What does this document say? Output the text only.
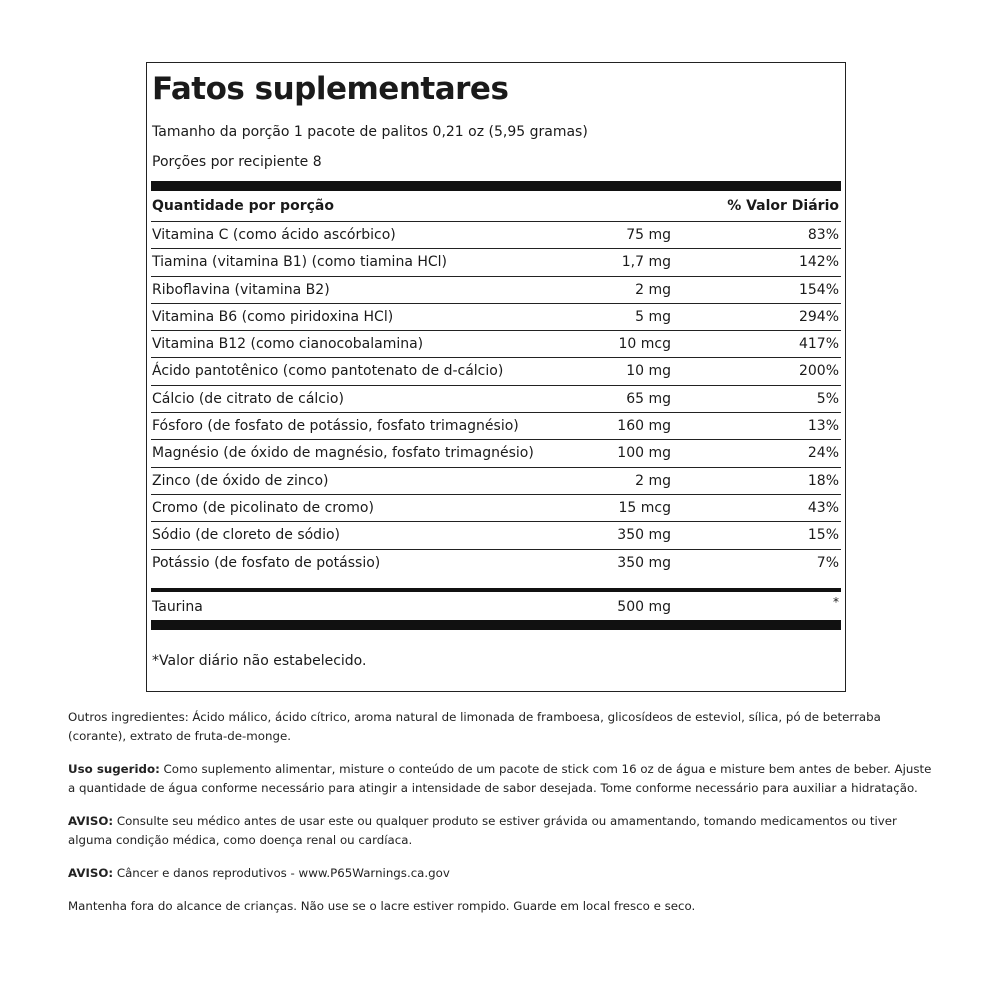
Fatos suplementares
Tamanho da porção 1 pacote de palitos 0,21 oz (5,95 gramas)
Porções por recipiente 8
Quantidade por porção	% Valor Diário
Vitamina C (como ácido ascórbico)	75 mg	83%
Tiamina (vitamina B1) (como tiamina HCl)	1,7 mg	142%
Riboflavina (vitamina B2)	2 mg	154%
Vitamina B6 (como piridoxina HCl)	5 mg	294%
Vitamina B12 (como cianocobalamina)	10 mcg	417%
Ácido pantotênico (como pantotenato de d-cálcio)	10 mg	200%
Cálcio (de citrato de cálcio)	65 mg	5%
Fósforo (de fosfato de potássio, fosfato trimagnésio)	160 mg	13%
Magnésio (de óxido de magnésio, fosfato trimagnésio)	100 mg	24%
Zinco (de óxido de zinco)	2 mg	18%
Cromo (de picolinato de cromo)	15 mcg	43%
Sódio (de cloreto de sódio)	350 mg	15%
Potássio (de fosfato de potássio)	350 mg	7%
Taurina	500 mg	*
*Valor diário não estabelecido.

Outros ingredientes: Ácido málico, ácido cítrico, aroma natural de limonada de framboesa, glicosídeos de esteviol, sílica, pó de beterraba (corante), extrato de fruta-de-monge.

Uso sugerido: Como suplemento alimentar, misture o conteúdo de um pacote de stick com 16 oz de água e misture bem antes de beber. Ajuste a quantidade de água conforme necessário para atingir a intensidade de sabor desejada. Tome conforme necessário para auxiliar a hidratação.

AVISO: Consulte seu médico antes de usar este ou qualquer produto se estiver grávida ou amamentando, tomando medicamentos ou tiver alguma condição médica, como doença renal ou cardíaca.

AVISO: Câncer e danos reprodutivos - www.P65Warnings.ca.gov

Mantenha fora do alcance de crianças. Não use se o lacre estiver rompido. Guarde em local fresco e seco.
